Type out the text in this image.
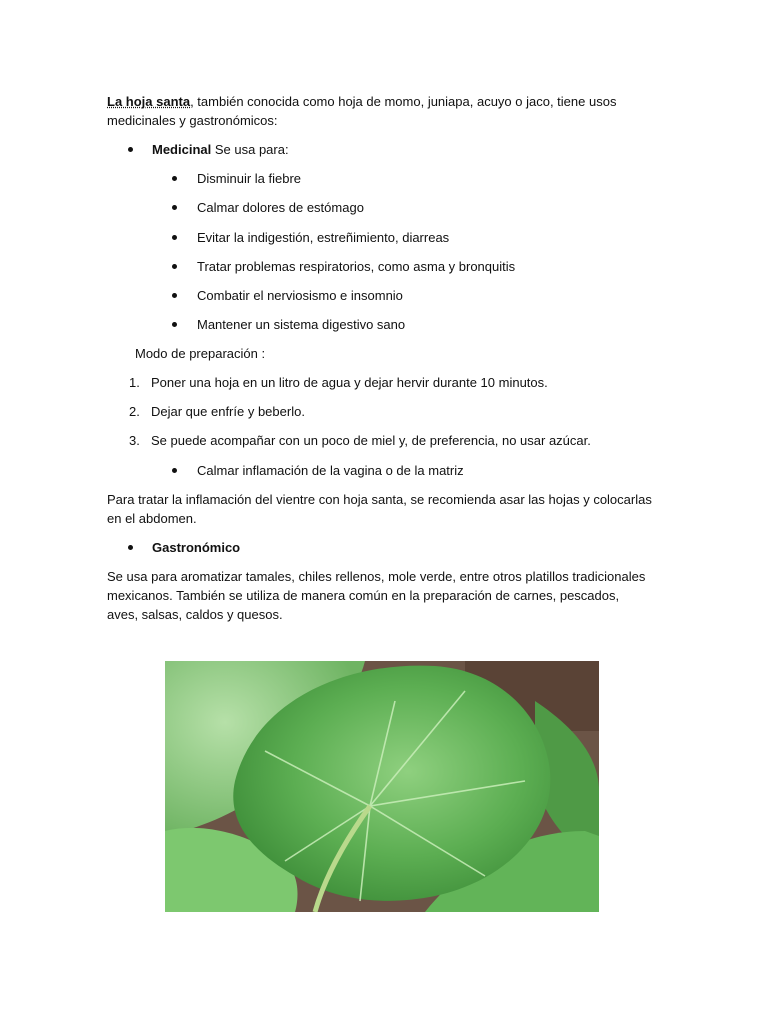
La hoja santa, también conocida como hoja de momo, juniapa, acuyo o jaco, tiene usos medicinales y gastronómicos:

Medicinal Se usa para:
Disminuir la fiebre
Calmar dolores de estómago
Evitar la indigestión, estreñimiento, diarreas
Tratar problemas respiratorios, como asma y bronquitis
Combatir el nerviosismo e insomnio
Mantener un sistema digestivo sano
Modo de preparación :
1. Poner una hoja en un litro de agua y dejar hervir durante 10 minutos.
2. Dejar que enfríe y beberlo.
3. Se puede acompañar con un poco de miel y, de preferencia, no usar azúcar.
Calmar inflamación de la vagina o de la matriz

Para tratar la inflamación del vientre con hoja santa, se recomienda asar las hojas y colocarlas en el abdomen.

Gastronómico

Se usa para aromatizar tamales, chiles rellenos, mole verde, entre otros platillos tradicionales mexicanos. También se utiliza de manera común en la preparación de carnes, pescados, aves, salsas, caldos y quesos.
